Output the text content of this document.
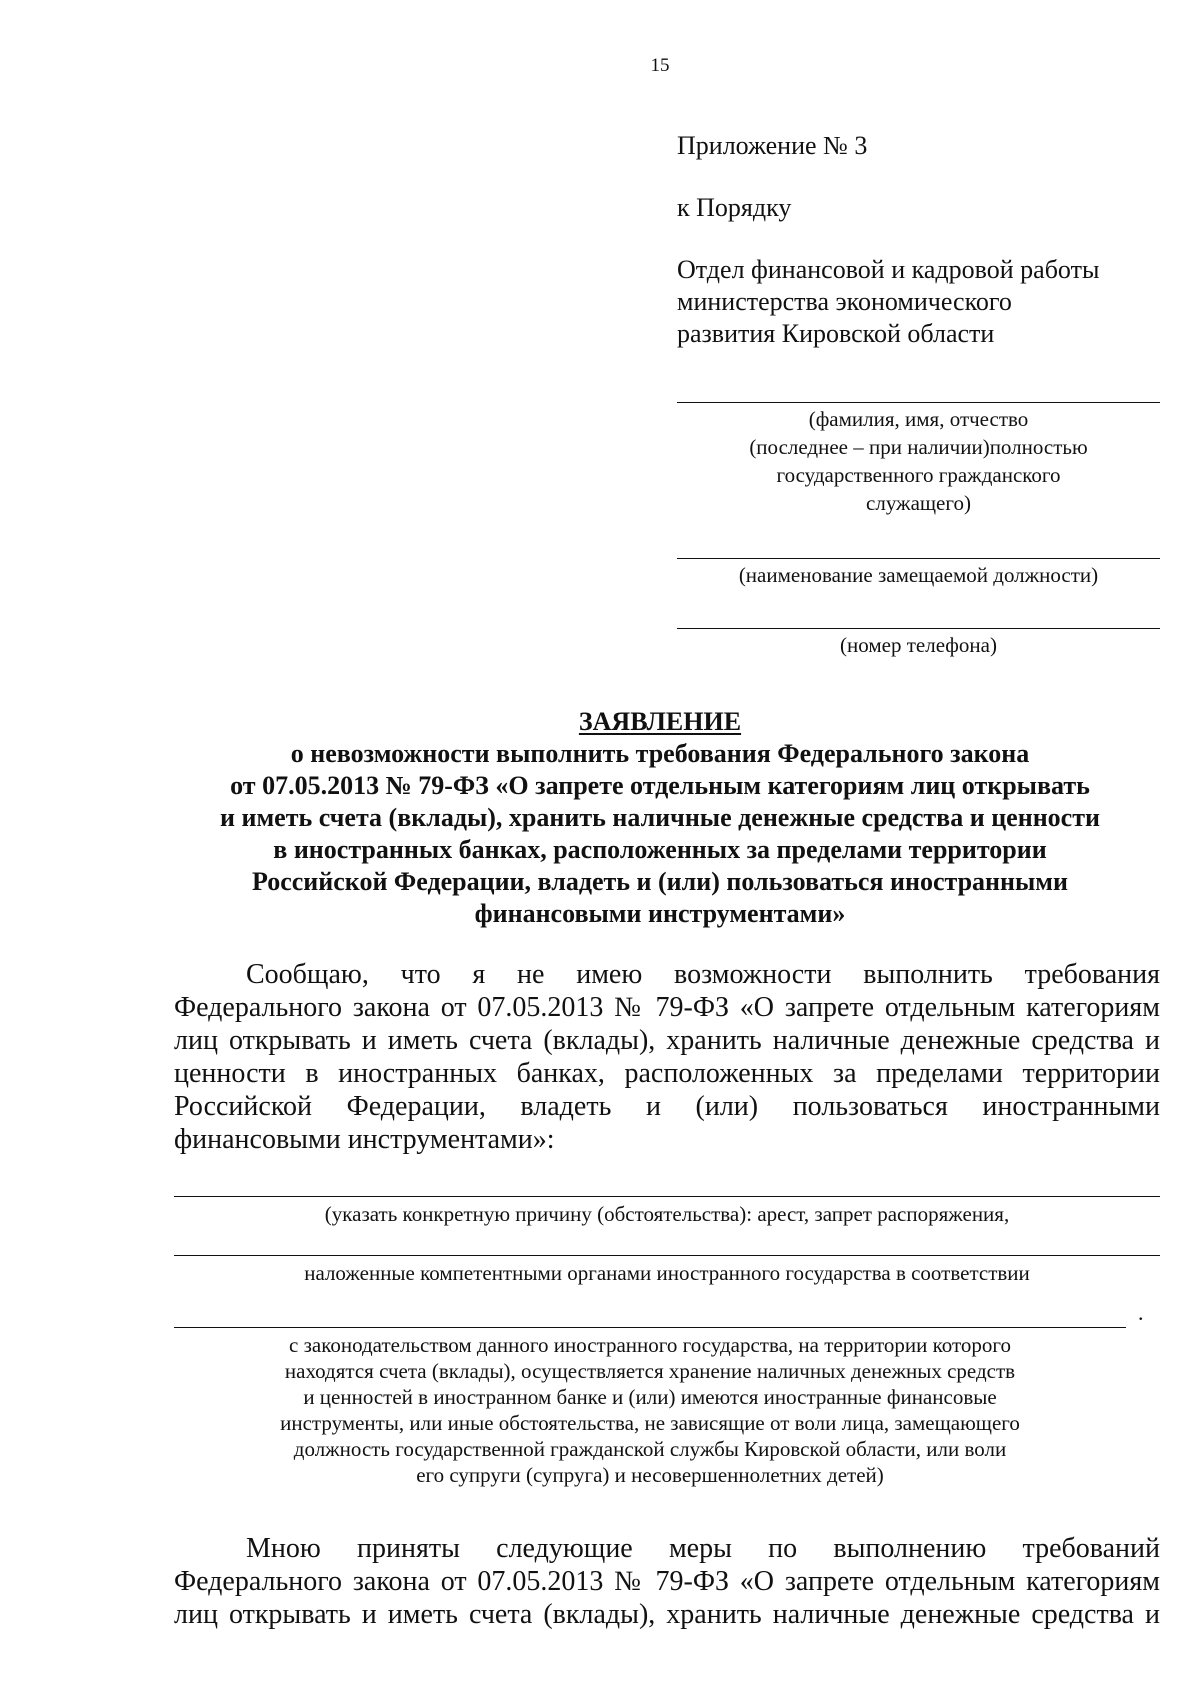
15
Приложение № 3
к Порядку
Отдел финансовой и кадровой работы
министерства экономического
развития Кировской области
(фамилия, имя, отчество
(последнее – при наличии)полностью
государственного гражданского
служащего)
(наименование замещаемой должности)
(номер телефона)
ЗАЯВЛЕНИЕ
о невозможности выполнить требования Федерального закона
от 07.05.2013 № 79-ФЗ «О запрете отдельным категориям лиц открывать
и иметь счета (вклады), хранить наличные денежные средства и ценности
в иностранных банках, расположенных за пределами территории
Российской Федерации, владеть и (или) пользоваться иностранными
финансовыми инструментами»
Сообщаю, что я не имею возможности выполнить требования
Федерального закона от 07.05.2013 № 79-ФЗ «О запрете отдельным категориям
лиц открывать и иметь счета (вклады), хранить наличные денежные средства и
ценности в иностранных банках, расположенных за пределами территории
Российской Федерации, владеть и (или) пользоваться иностранными
финансовыми инструментами»:
(указать конкретную причину (обстоятельства): арест, запрет распоряжения,
наложенные компетентными органами иностранного государства в соответствии
с законодательством данного иностранного государства, на территории которого
находятся счета (вклады), осуществляется хранение наличных денежных средств
и ценностей в иностранном банке и (или) имеются иностранные финансовые
инструменты, или иные обстоятельства, не зависящие от воли лица, замещающего
должность государственной гражданской службы Кировской области, или воли
его супруги (супруга) и несовершеннолетних детей)
.
Мною приняты следующие меры по выполнению требований
Федерального закона от 07.05.2013 № 79-ФЗ «О запрете отдельным категориям
лиц открывать и иметь счета (вклады), хранить наличные денежные средства и
